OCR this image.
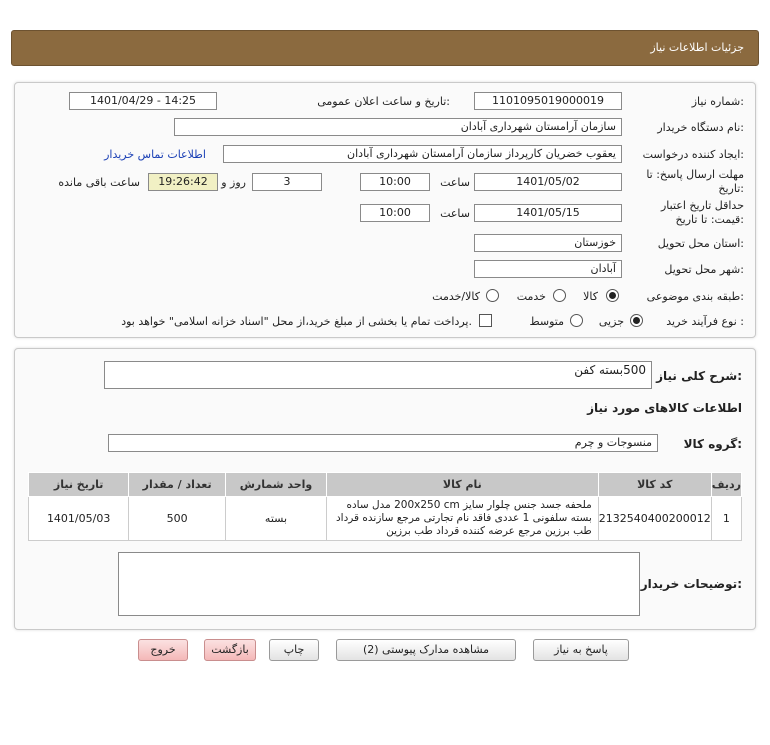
جزئیات اطلاعات نیاز
شماره نیاز:
1101095019000019
تاریخ و ساعت اعلان عمومی:
1401/04/29 - 14:25
نام دستگاه خریدار:
سازمان آرامستان شهرداری آبادان
ایجاد کننده درخواست:
یعقوب خضریان کارپرداز سازمان آرامستان شهرداری آبادان
اطلاعات تماس خریدار
مهلت ارسال پاسخ: تا
تاریخ:
1401/05/02
ساعت
10:00
3
روز و
19:26:42
ساعت باقی مانده
حداقل تاریخ اعتبار
قیمت: تا تاریخ:
1401/05/15
ساعت
10:00
استان محل تحویل:
خوزستان
شهر محل تحویل:
آبادان
طبقه بندی موضوعی:
کالا
خدمت
کالا/خدمت
نوع فرآیند خرید :
جزیی
متوسط
پرداخت تمام یا بخشی از مبلغ خرید،از محل "اسناد خزانه اسلامی" خواهد بود.
شرح کلی نیاز:
500بسته کفن
اطلاعات کالاهای مورد نیاز
گروه کالا:
منسوجات و چرم
تاریخ نیاز	تعداد / مقدار	واحد شمارش	نام کالا	کد کالا	ردیف
1401/05/03	500	بسته	ملحفه جسد جنس چلوار سایز 200x250 cm مدل ساده بسته سلفونی 1 عددی فاقد نام تجارتی مرجع سازنده قرداد طب برزین مرجع عرضه کننده قرداد طب برزین	2132540400200012	1
توضیحات خریدار:
پاسخ به نیاز
مشاهده مدارک پیوستی (2)
چاپ
بازگشت
خروج
